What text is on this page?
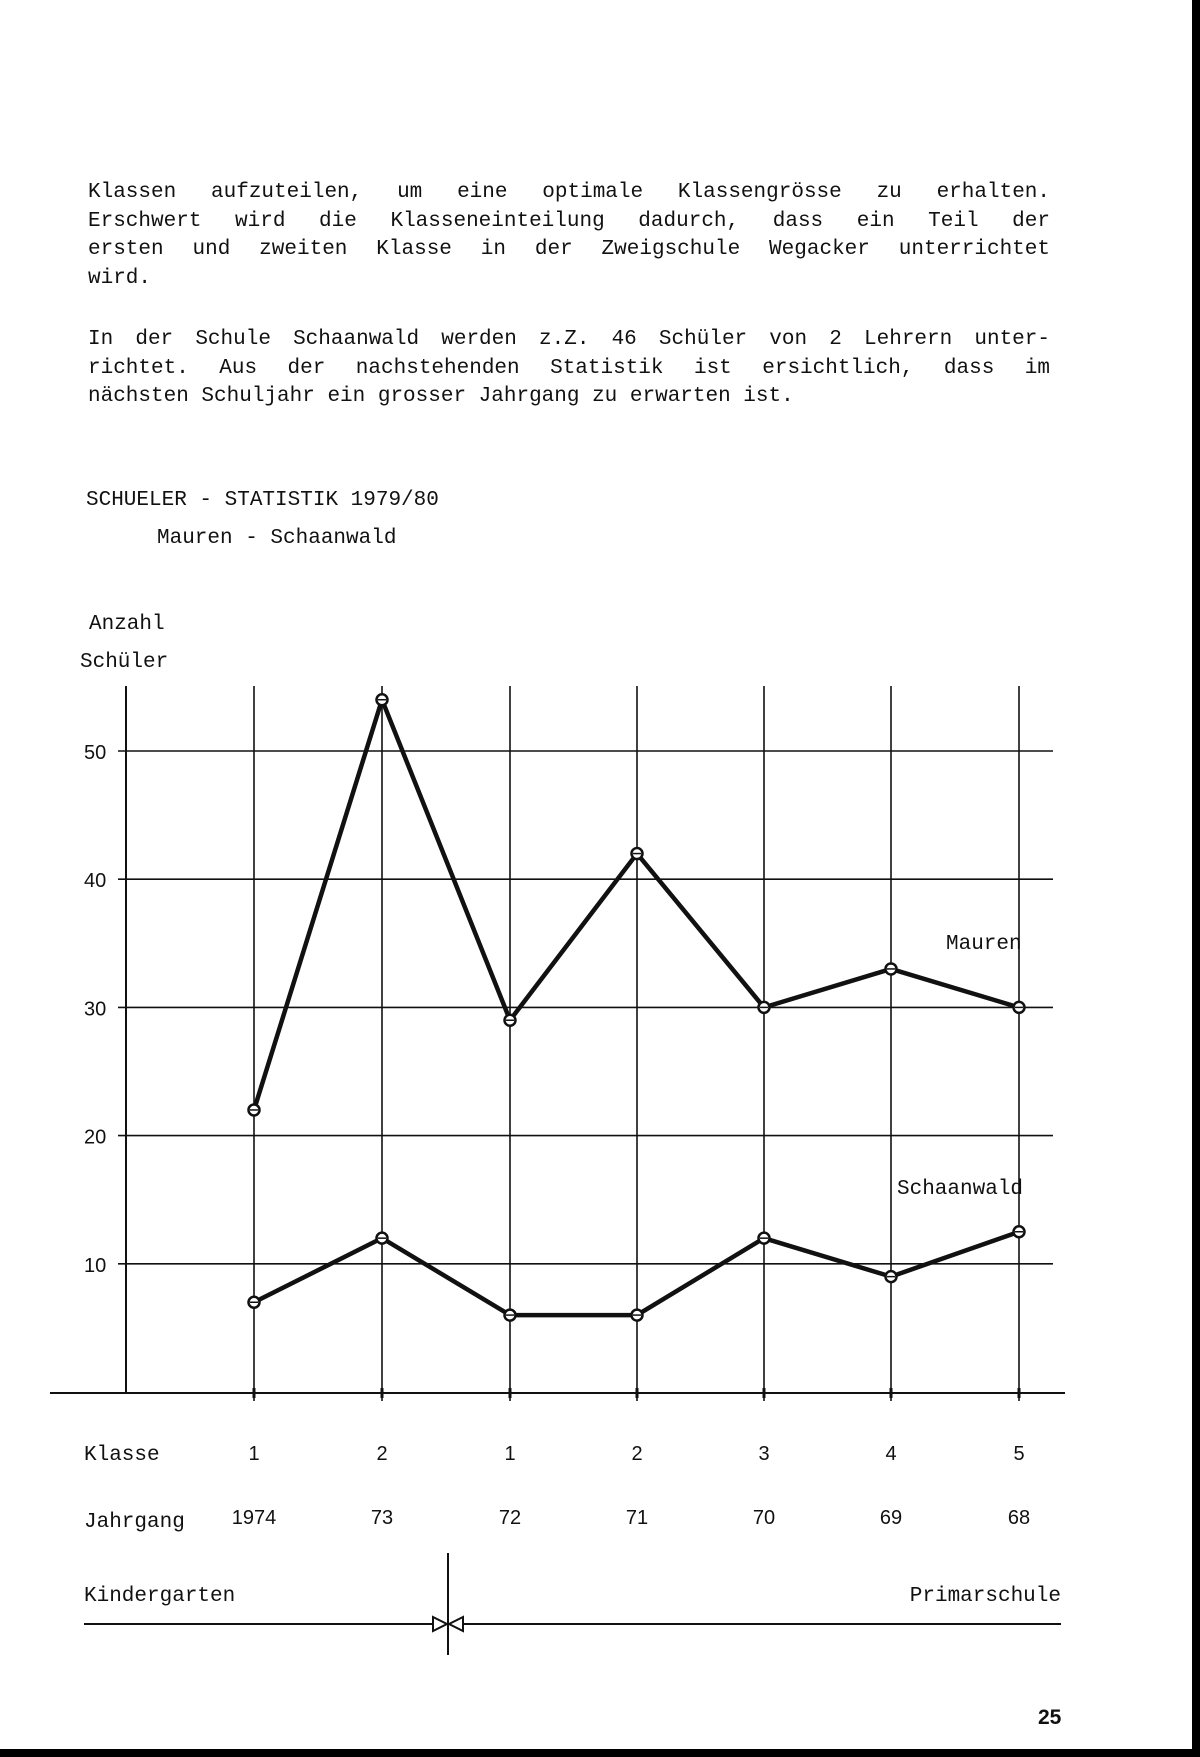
Klassen aufzuteilen, um eine optimale Klassengrösse zu erhalten.
Erschwert wird die Klasseneinteilung dadurch, dass ein Teil der
ersten und zweiten Klasse in der Zweigschule Wegacker unterrichtet
wird.

In der Schule Schaanwald werden z.Z. 46 Schüler von 2 Lehrern unter-
richtet. Aus der nachstehenden Statistik ist ersichtlich, dass im
nächsten Schuljahr ein grosser Jahrgang zu erwarten ist.

SCHUELER - STATISTIK 1979/80
Mauren - Schaanwald
Anzahl
Schüler
10
20
30
40
50
Mauren
Schaanwald
Klasse	1	2	1	2	3	4	5
Jahrgang 1974	73	72	71	70	69	68
Kindergarten	Primarschule
25
